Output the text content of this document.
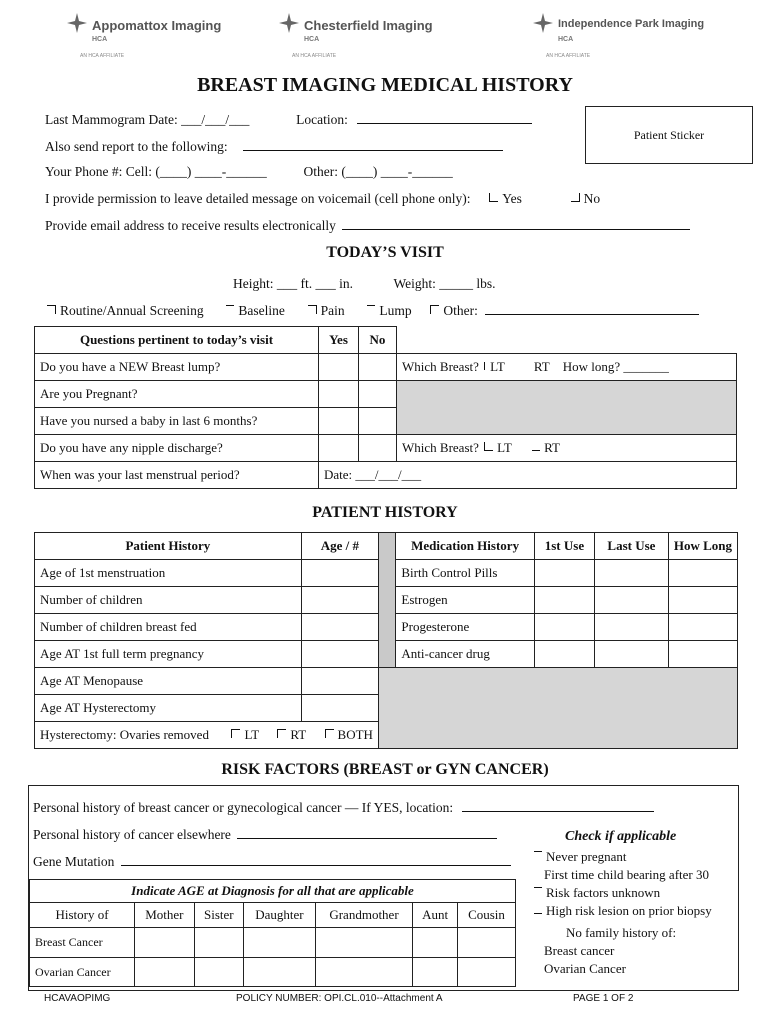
Appomattox Imaging
HCA
AN HCA AFFILIATE
Chesterfield Imaging
HCA
AN HCA AFFILIATE
Independence Park Imaging
HCA
AN HCA AFFILIATE
BREAST IMAGING MEDICAL HISTORY
Last Mammogram Date: ___/___/___	Location:
Also send report to the following:
Patient Sticker
Your Phone #: Cell: (____) ____-______	Other: (____) ____-______
I provide permission to leave detailed message on voicemail (cell phone only): Yes	No
Provide email address to receive results electronically
TODAY’S VISIT
Height: ___ ft. ___ in.	Weight: _____ lbs.
Routine/Annual Screening	Baseline	Pain	Lump Other:
Questions pertinent to today’s visit	Yes	No	
Do you have a NEW Breast lump?			Which Breast? LT RT How long? _______
Are you Pregnant?			
Have you nursed a baby in last 6 months?			
Do you have any nipple discharge?			Which Breast? LT RT
When was your last menstrual period?	Date: ___/___/___		
PATIENT HISTORY
Patient History	Age / #		Medication History	1st Use	Last Use	How Long
Age of 1st menstruation			Birth Control Pills			
Number of children			Estrogen			
Number of children breast fed			Progesterone			
Age AT 1st full term pregnancy			Anti-cancer drug			
Age AT Menopause						
Age AT Hysterectomy						
Hysterectomy: Ovaries removed LT RT BOTH						
RISK FACTORS (BREAST or GYN CANCER)
Personal history of breast cancer or gynecological cancer — If YES, location:
Personal history of cancer elsewhere
Gene Mutation
Indicate AGE at Diagnosis for all that are applicable						
History of	Mother	Sister	Daughter	Grandmother	Aunt	Cousin
Breast Cancer						
Ovarian Cancer						
Check if applicable
Never pregnant
First time child bearing after 30
Risk factors unknown
High risk lesion on prior biopsy
No family history of:
Breast cancer
Ovarian Cancer
HCAVAOPIMG	POLICY NUMBER: OPI.CL.010--Attachment A	PAGE 1 OF 2
